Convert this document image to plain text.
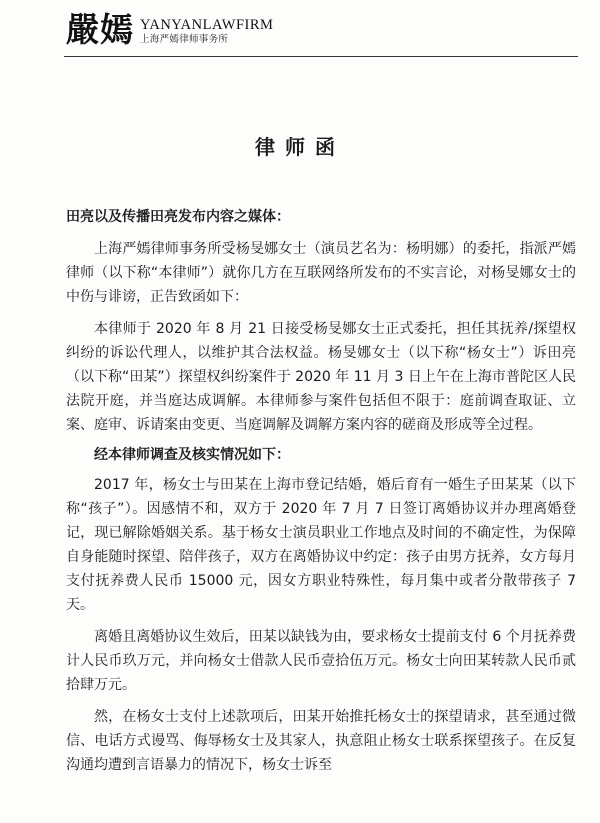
嚴嫣 YANYANLAWFIRM
上海严嫣律师事务所
律师函

田亮以及传播田亮发布内容之媒体：

上海严嫣律师事务所受杨旻娜女士（演员艺名为：杨明娜）的委托，指派严嫣律师（以下称“本律师”）就你几方在互联网络所发布的不实言论，对杨旻娜女士的中伤与诽谤，正告致函如下：

本律师于 2020 年 8 月 21 日接受杨旻娜女士正式委托，担任其抚养/探望权纠纷的诉讼代理人，以维护其合法权益。杨旻娜女士（以下称“杨女士”）诉田亮（以下称“田某”）探望权纠纷案件于 2020 年 11 月 3 日上午在上海市普陀区人民法院开庭，并当庭达成调解。本律师参与案件包括但不限于：庭前调查取证、立案、庭审、诉请案由变更、当庭调解及调解方案内容的磋商及形成等全过程。

经本律师调查及核实情况如下：

2017 年，杨女士与田某在上海市登记结婚，婚后育有一婚生子田某某（以下称“孩子”）。因感情不和，双方于 2020 年 7 月 7 日签订离婚协议并办理离婚登记，现已解除婚姻关系。基于杨女士演员职业工作地点及时间的不确定性，为保障自身能随时探望、陪伴孩子，双方在离婚协议中约定：孩子由男方抚养，女方每月支付抚养费人民币 15000 元，因女方职业特殊性，每月集中或者分散带孩子 7 天。

离婚且离婚协议生效后，田某以缺钱为由，要求杨女士提前支付 6 个月抚养费计人民币玖万元，并向杨女士借款人民币壹拾伍万元。杨女士向田某转款人民币贰拾肆万元。

然，在杨女士支付上述款项后，田某开始推托杨女士的探望请求，甚至通过微信、电话方式谩骂、侮辱杨女士及其家人，执意阻止杨女士联系探望孩子。在反复沟通均遭到言语暴力的情况下，杨女士诉至
